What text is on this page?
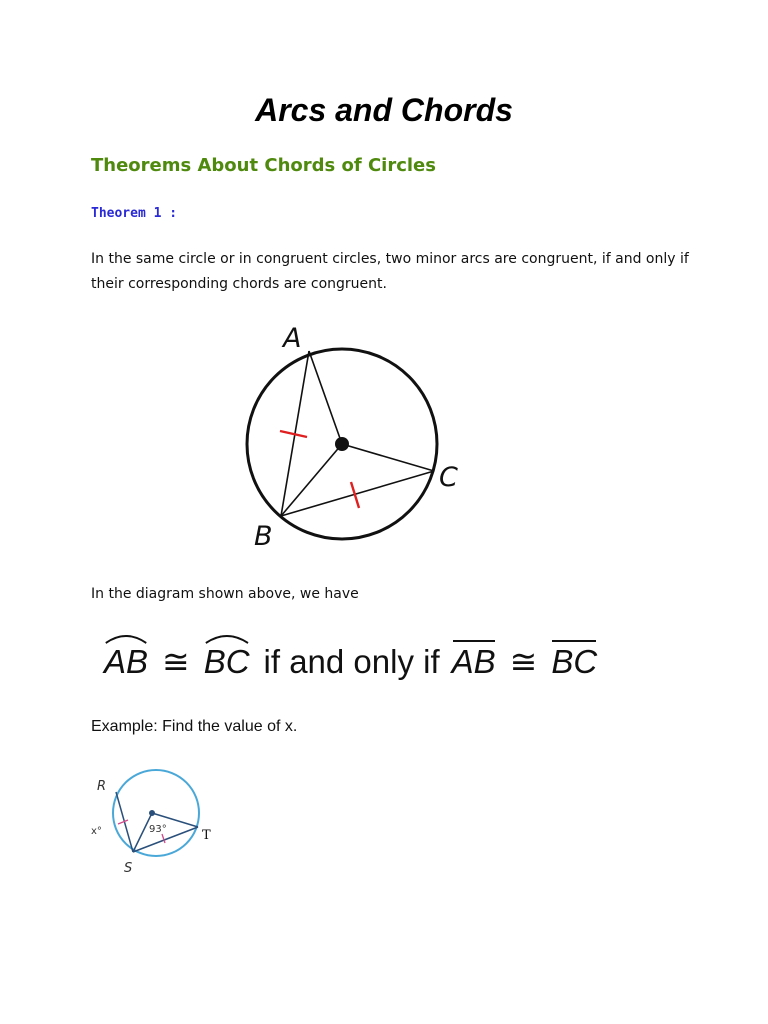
Arcs and Chords
Theorems About Chords of Circles
Theorem 1 :

In the same circle or in congruent circles, two minor arcs are congruent, if and only if their corresponding chords are congruent.

A
B
C

In the diagram shown above, we have

AB ≅ BC if and only if AB ≅ BC
Example: Find the value of x.
R
S
T
x°	93°
